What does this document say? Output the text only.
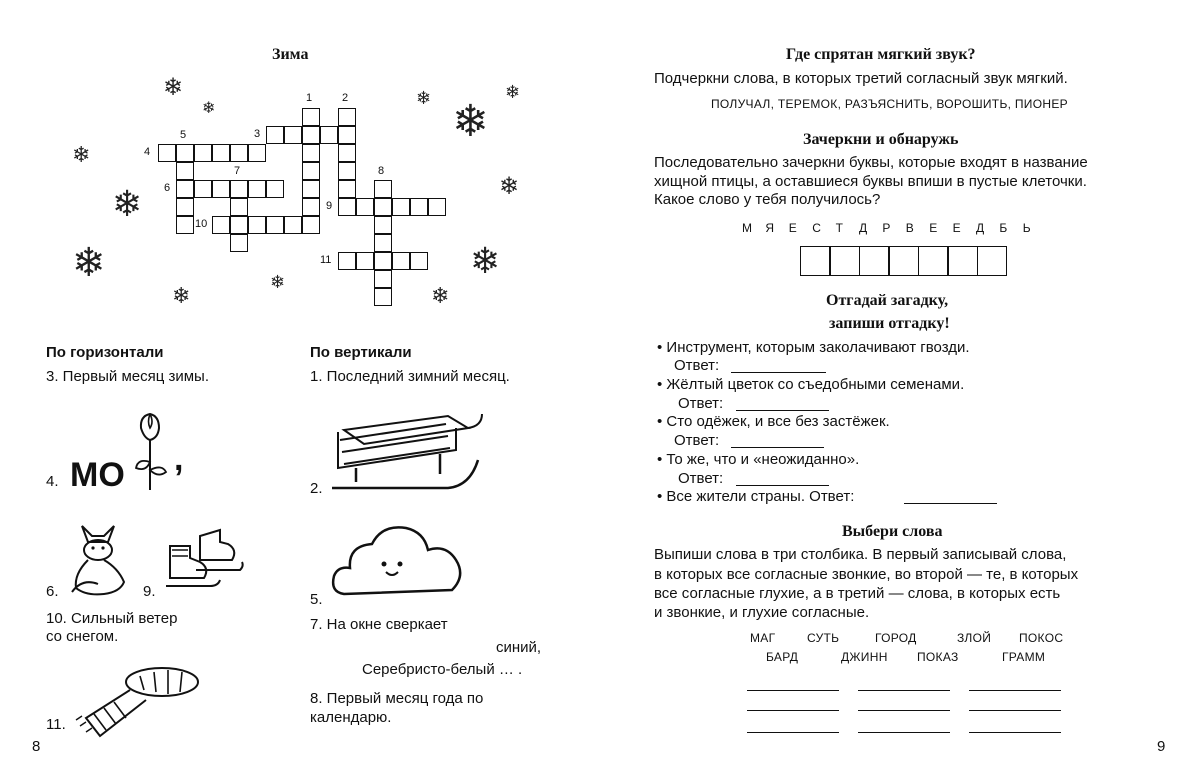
Зима
1	2
3
4
5
6
7	8
9
10
11
❄
❄
❄
❄
❄
❄
❄
❄ ❄
❄
❄
❄
❄
По горизонтали	По вертикали
3. Первый месяц зимы.	1. Последний зимний месяц.
4. МО ,
6.	9.
10. Сильный ветер
со снегом.
11.
2.
5.
7. На окне сверкает
синий,
Серебристо-белый … .
8. Первый месяц года по
календарю.
8
Где спрятан мягкий звук?
Подчеркни слова, в которых третий согласный звук мягкий.
ПОЛУЧАЛ, ТЕРЕМОК, РАЗЪЯСНИТЬ, ВОРОШИТЬ, ПИОНЕР
Зачеркни и обнаружь
Последовательно зачеркни буквы, которые входят в название
хищной птицы, а оставшиеся буквы впиши в пустые клеточки.
Какое слово у тебя получилось?
М Я Е С Т Д Р В Е Е Д Б Ь
Отгадай загадку,
запиши отгадку!
• Инструмент, которым заколачивают гвозди.
Ответ:
• Жёлтый цветок со съедобными семенами.
Ответ:
• Сто одёжек, и все без застёжек.
Ответ:
• То же, что и «неожиданно».
Ответ:
• Все жители страны. Ответ:
Выбери слова
Выпиши слова в три столбика. В первый записывай слова,
в которых все согласные звонкие, во второй — те, в которых
все согласные глухие, а в третий — слова, в которых есть
и звонкие, и глухие согласные.
МАГ	СУТЬ	ГОРОД	ЗЛОЙ ПОКОС
БАРД	ДЖИНН ПОКАЗ	ГРАММ
9
